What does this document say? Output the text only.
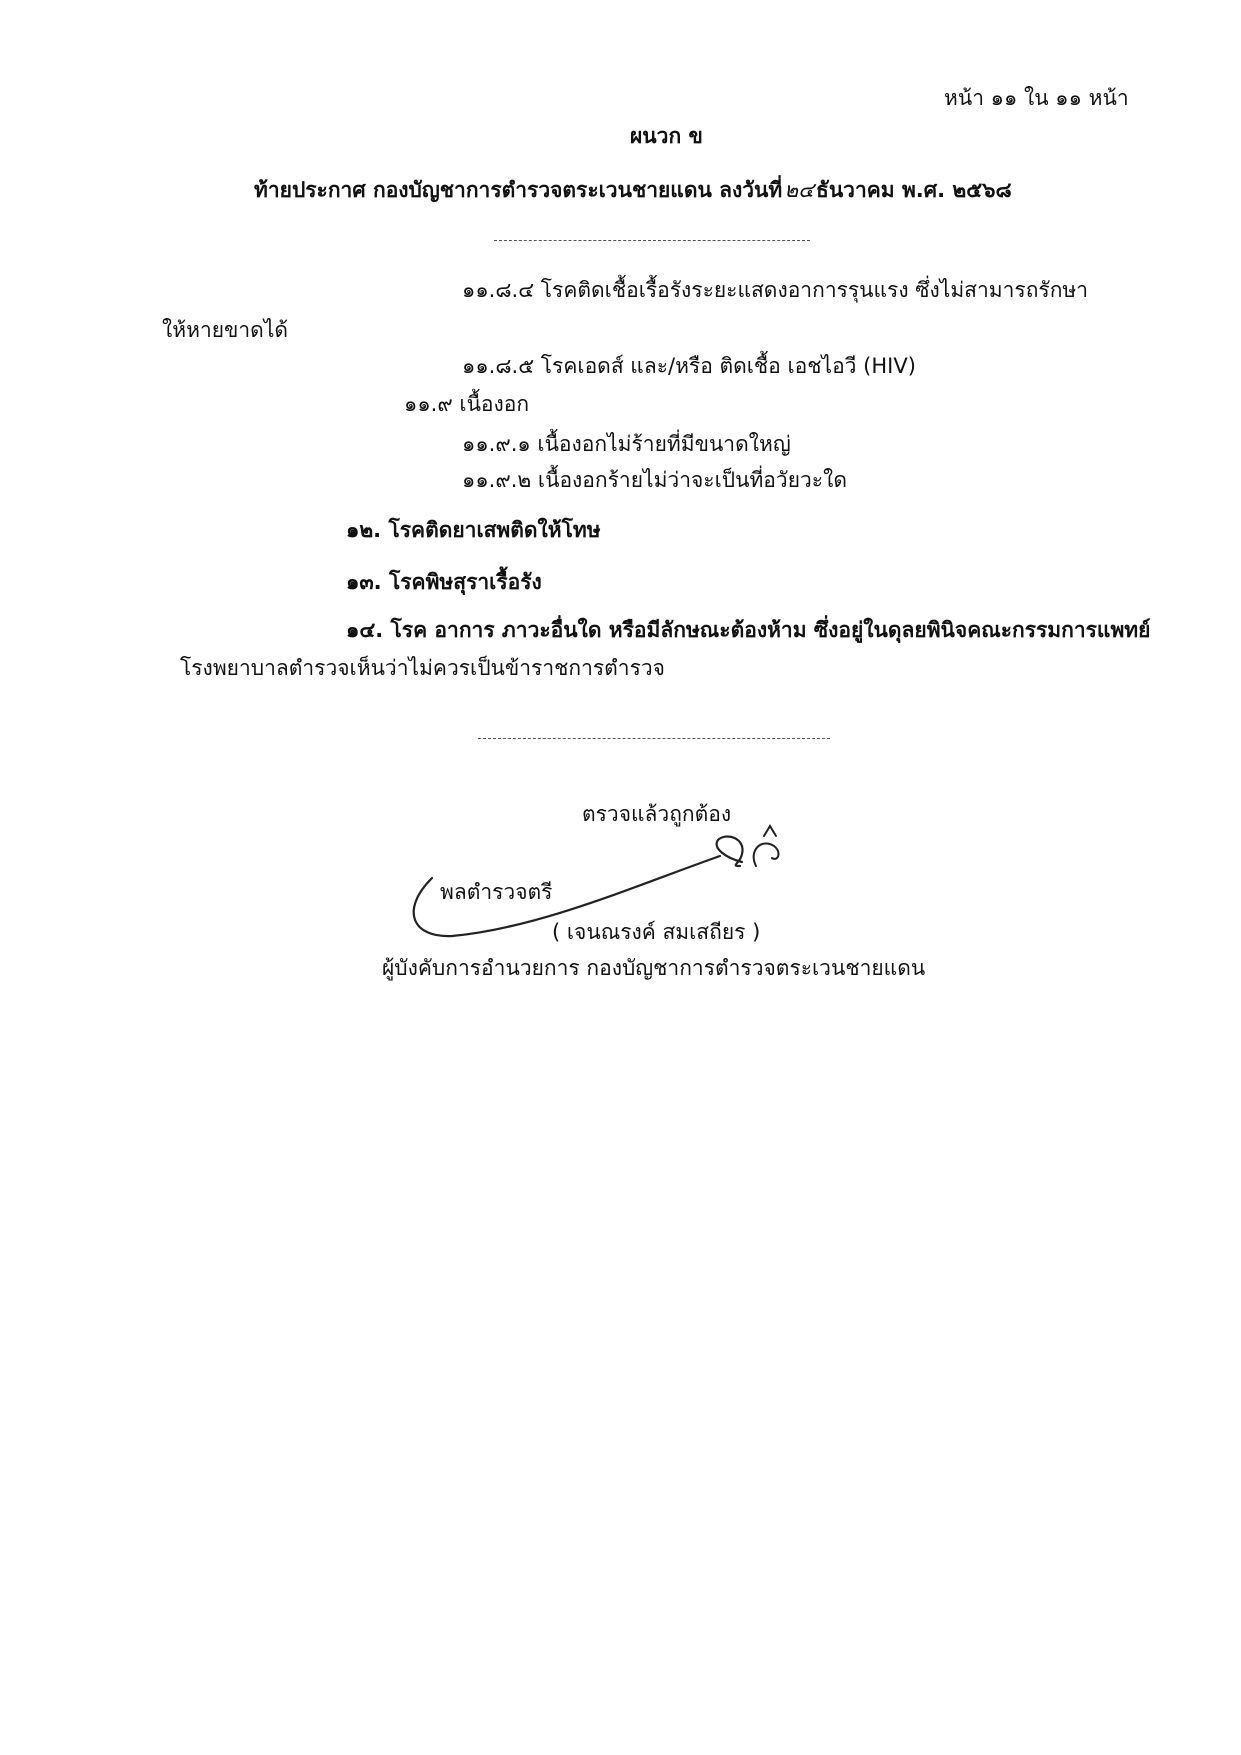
หน้า ๑๑ ใน ๑๑ หน้า
ผนวก ข
ท้ายประกาศ กองบัญชาการตำรวจตระเวนชายแดน ลงวันที่๒๔ธันวาคม พ.ศ. ๒๕๖๘
๑๑.๘.๔ โรคติดเชื้อเรื้อรังระยะแสดงอาการรุนแรง ซึ่งไม่สามารถรักษา
ให้หายขาดได้
๑๑.๘.๕ โรคเอดส์ และ/หรือ ติดเชื้อ เอชไอวี (HIV)
๑๑.๙ เนื้องอก
๑๑.๙.๑ เนื้องอกไม่ร้ายที่มีขนาดใหญ่
๑๑.๙.๒ เนื้องอกร้ายไม่ว่าจะเป็นที่อวัยวะใด
๑๒. โรคติดยาเสพติดให้โทษ
๑๓. โรคพิษสุราเรื้อรัง
๑๔. โรค อาการ ภาวะอื่นใด หรือมีลักษณะต้องห้าม ซึ่งอยู่ในดุลยพินิจคณะกรรมการแพทย์
โรงพยาบาลตำรวจเห็นว่าไม่ควรเป็นข้าราชการตำรวจ
ตรวจแล้วถูกต้อง
พลตำรวจตรี
( เจนณรงค์ สมเสถียร )
ผู้บังคับการอำนวยการ กองบัญชาการตำรวจตระเวนชายแดน
